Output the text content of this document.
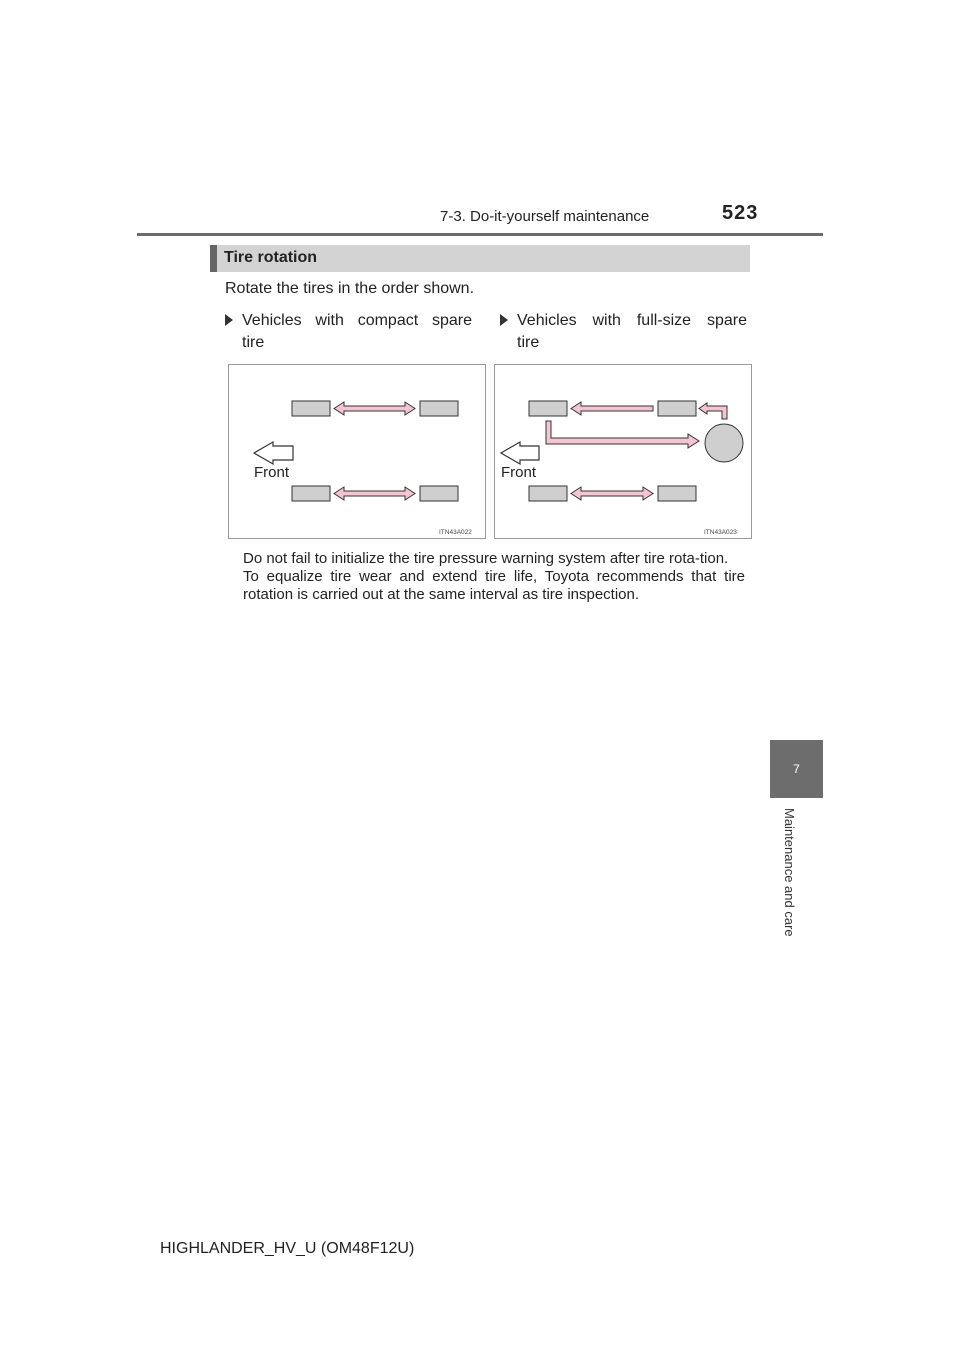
7-3. Do-it-yourself maintenance	523
7
Maintenance and care
Tire rotation
Rotate the tires in the order shown.
Vehicles with compact spare
tire
Vehicles with full-size spare
tire
Front
ITN43A022
Front
ITN43A023

Do not fail to initialize the tire pressure warning system after tire rota-tion.

To equalize tire wear and extend tire life, Toyota recommends that tire rotation is carried out at the same interval as tire inspection.

HIGHLANDER_HV_U (OM48F12U)
